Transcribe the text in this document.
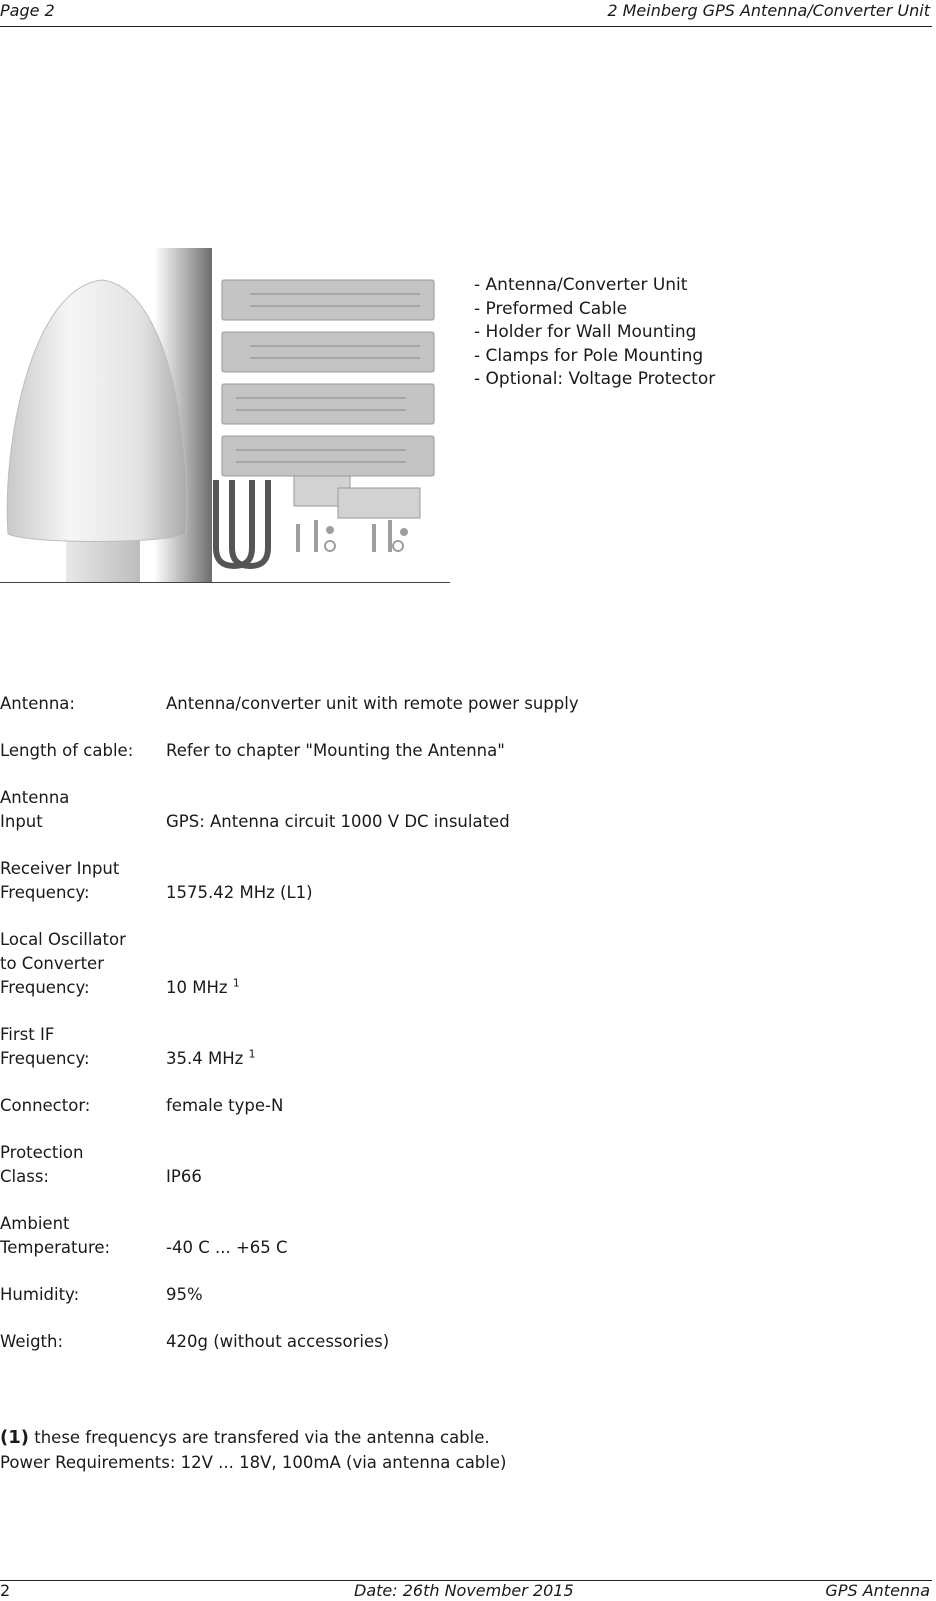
Page 2	2 Meinberg GPS Antenna/Converter Unit
- Antenna/Converter Unit
- Preformed Cable
- Holder for Wall Mounting
- Clamps for Pole Mounting
- Optional: Voltage Protector
Antenna:	Antenna/converter unit with remote power supply
Length of cable:	Refer to chapter "Mounting the Antenna"
Antenna
Input
	GPS: Antenna circuit 1000 V DC insulated
Receiver Input
Frequency:
	1575.42 MHz (L1)
Local Oscillator
to Converter
Frequency:

	10 MHz $^1$
First IF
Frequency:
	35.4 MHz $^1$
Connector:	female type-N
Protection
Class:
	IP66
Ambient
Temperature:
	-40 C ... +65 C
Humidity:	95%
Weigth:	420g (without accessories)
(1) these frequencys are transfered via the antenna cable.
Power Requirements: 12V ... 18V, 100mA (via antenna cable)
2	Date: 26th November 2015	GPS Antenna
